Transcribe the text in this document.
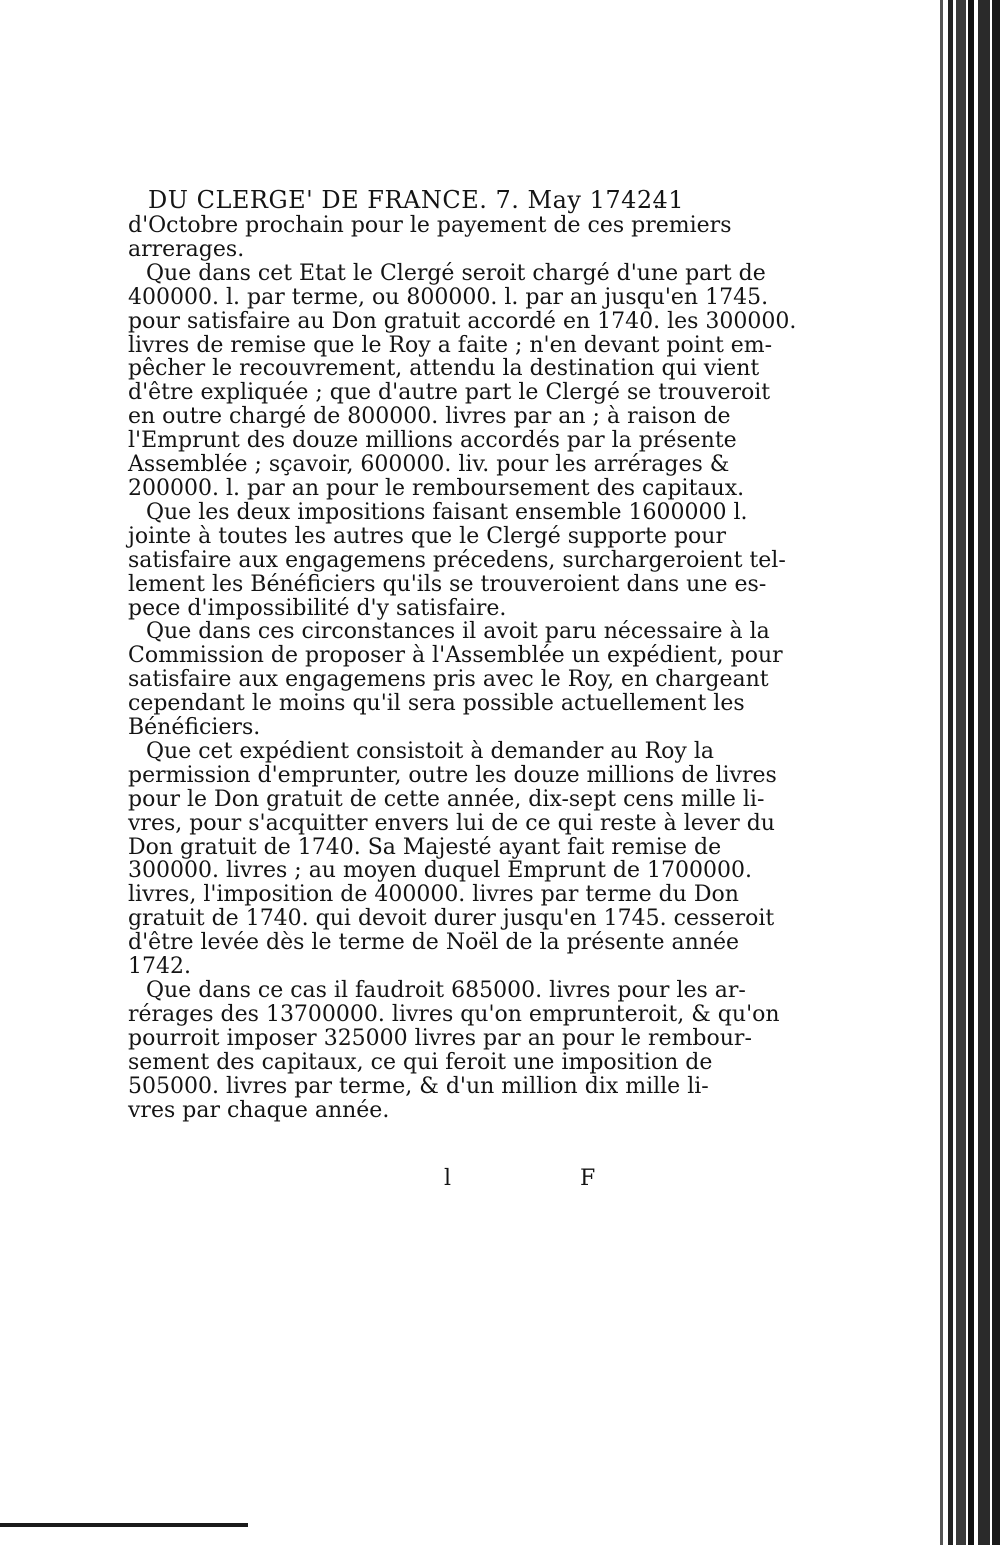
DU CLERGE' DE FRANCE. 7. May 1742.
41
d'Octobre prochain pour le payement de ces premiers
arrerages.
Que dans cet Etat le Clergé seroit chargé d'une part de
400000. l. par terme, ou 800000. l. par an jusqu'en 1745.
pour satisfaire au Don gratuit accordé en 1740. les 300000.
livres de remise que le Roy a faite ; n'en devant point em-
pêcher le recouvrement, attendu la destination qui vient
d'être expliquée ; que d'autre part le Clergé se trouveroit
en outre chargé de 800000. livres par an ; à raison de
l'Emprunt des douze millions accordés par la présente
Assemblée ; sçavoir, 600000. liv. pour les arrérages &
200000. l. par an pour le remboursement des capitaux.
Que les deux impositions faisant ensemble 1600000 l.
jointe à toutes les autres que le Clergé supporte pour
satisfaire aux engagemens précedens, surchargeroient tel-
lement les Bénéficiers qu'ils se trouveroient dans une es-
pece d'impossibilité d'y satisfaire.
Que dans ces circonstances il avoit paru nécessaire à la
Commission de proposer à l'Assemblée un expédient, pour
satisfaire aux engagemens pris avec le Roy, en chargeant
cependant le moins qu'il sera possible actuellement les
Bénéficiers.
Que cet expédient consistoit à demander au Roy la
permission d'emprunter, outre les douze millions de livres
pour le Don gratuit de cette année, dix-sept cens mille li-
vres, pour s'acquitter envers lui de ce qui reste à lever du
Don gratuit de 1740. Sa Majesté ayant fait remise de
300000. livres ; au moyen duquel Emprunt de 1700000.
livres, l'imposition de 400000. livres par terme du Don
gratuit de 1740. qui devoit durer jusqu'en 1745. cesseroit
d'être levée dès le terme de Noël de la présente année
1742.
Que dans ce cas il faudroit 685000. livres pour les ar-
rérages des 13700000. livres qu'on emprunteroit, & qu'on
pourroit imposer 325000 livres par an pour le rembour-
sement des capitaux, ce qui feroit une imposition de
505000. livres par terme, & d'un million dix mille li-
vres par chaque année.
l	F
